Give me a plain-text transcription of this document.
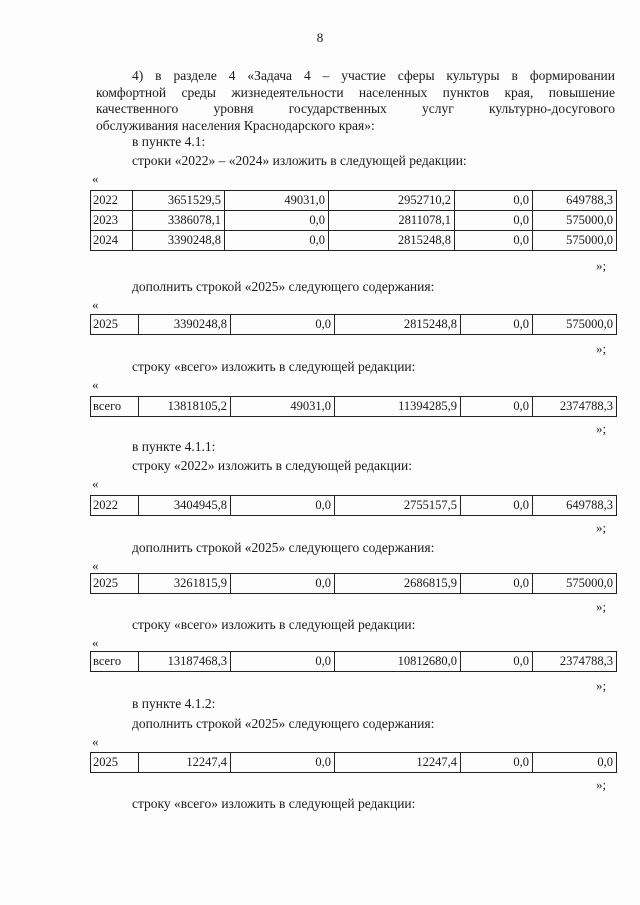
8
4) в разделе 4 «Задача 4 – участие сферы культуры в формировании
комфортной среды жизнедеятельности населенных пунктов края, повышение
качественного уровня государственных услуг культурно-досугового
обслуживания населения Краснодарского края»:
в пункте 4.1:
строки «2022» – «2024» изложить в следующей редакции:
«
2022	3651529,5	49031,0	2952710,2	0,0	649788,3
2023	3386078,1	0,0	2811078,1	0,0	575000,0
2024	3390248,8	0,0	2815248,8	0,0	575000,0
»;
дополнить строкой «2025» следующего содержания:
«
2025	3390248,8	0,0	2815248,8	0,0	575000,0
»;
строку «всего» изложить в следующей редакции:
«
всего	13818105,2	49031,0	11394285,9	0,0	2374788,3
»;
в пункте 4.1.1:
строку «2022» изложить в следующей редакции:
«
2022	3404945,8	0,0	2755157,5	0,0	649788,3
»;
дополнить строкой «2025» следующего содержания:
«
2025	3261815,9	0,0	2686815,9	0,0	575000,0
»;
строку «всего» изложить в следующей редакции:
«
всего	13187468,3	0,0	10812680,0	0,0	2374788,3
»;
в пункте 4.1.2:
дополнить строкой «2025» следующего содержания:
«
2025	12247,4	0,0	12247,4	0,0	0,0
»;
строку «всего» изложить в следующей редакции:
